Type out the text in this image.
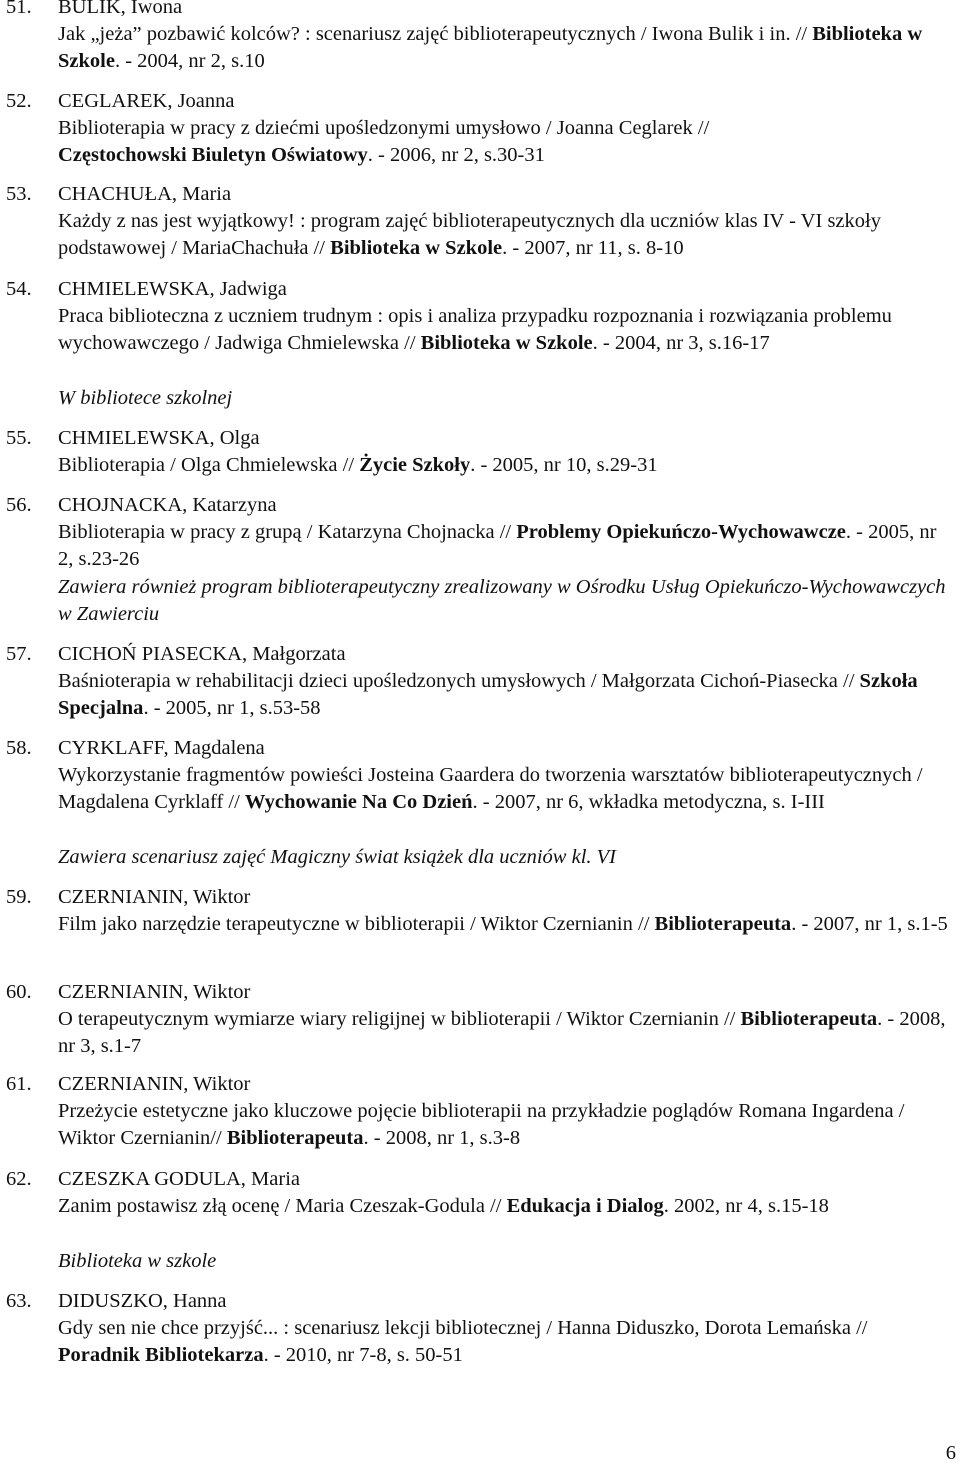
51. BULIK, Iwona
Jak „jeża” pozbawić kolców? : scenariusz zajęć biblioterapeutycznych / Iwona Bulik i in. // Biblioteka w Szkole. - 2004, nr 2, s.10
52. CEGLAREK, Joanna
Biblioterapia w pracy z dziećmi upośledzonymi umysłowo / Joanna Ceglarek //
Częstochowski Biuletyn Oświatowy. - 2006, nr 2, s.30-31
53. CHACHUŁA, Maria
Każdy z nas jest wyjątkowy! : program zajęć biblioterapeutycznych dla uczniów klas IV - VI szkoły podstawowej / MariaChachuła // Biblioteka w Szkole. - 2007, nr 11, s. 8-10
54. CHMIELEWSKA, Jadwiga
Praca biblioteczna z uczniem trudnym : opis i analiza przypadku rozpoznania i rozwiązania problemu wychowawczego / Jadwiga Chmielewska // Biblioteka w Szkole. - 2004, nr 3, s.16-17
W bibliotece szkolnej
55. CHMIELEWSKA, Olga
Biblioterapia / Olga Chmielewska // Życie Szkoły. - 2005, nr 10, s.29-31
56. CHOJNACKA, Katarzyna
Biblioterapia w pracy z grupą / Katarzyna Chojnacka // Problemy Opiekuńczo-Wychowawcze. - 2005, nr 2, s.23-26
Zawiera również program biblioterapeutyczny zrealizowany w Ośrodku Usług Opiekuńczo-Wychowawczych w Zawierciu
57. CICHOŃ PIASECKA, Małgorzata
Baśnioterapia w rehabilitacji dzieci upośledzonych umysłowych / Małgorzata Cichoń-Piasecka // Szkoła Specjalna. - 2005, nr 1, s.53-58
58. CYRKLAFF, Magdalena
Wykorzystanie fragmentów powieści Josteina Gaardera do tworzenia warsztatów biblioterapeutycznych / Magdalena Cyrklaff // Wychowanie Na Co Dzień. - 2007, nr 6, wkładka metodyczna, s. I-III
Zawiera scenariusz zajęć Magiczny świat książek dla uczniów kl. VI
59. CZERNIANIN, Wiktor
Film jako narzędzie terapeutyczne w biblioterapii / Wiktor Czernianin // Biblioterapeuta. - 2007, nr 1, s.1-5
60. CZERNIANIN, Wiktor
O terapeutycznym wymiarze wiary religijnej w biblioterapii / Wiktor Czernianin // Biblioterapeuta. - 2008, nr 3, s.1-7
61. CZERNIANIN, Wiktor
Przeżycie estetyczne jako kluczowe pojęcie biblioterapii na przykładzie poglądów Romana Ingardena / Wiktor Czernianin// Biblioterapeuta. - 2008, nr 1, s.3-8
62. CZESZKA GODULA, Maria
Zanim postawisz złą ocenę / Maria Czeszak-Godula // Edukacja i Dialog. 2002, nr 4, s.15-18
Biblioteka w szkole
63. DIDUSZKO, Hanna
Gdy sen nie chce przyjść... : scenariusz lekcji bibliotecznej / Hanna Diduszko, Dorota Lemańska // Poradnik Bibliotekarza. - 2010, nr 7-8, s. 50-51
6
